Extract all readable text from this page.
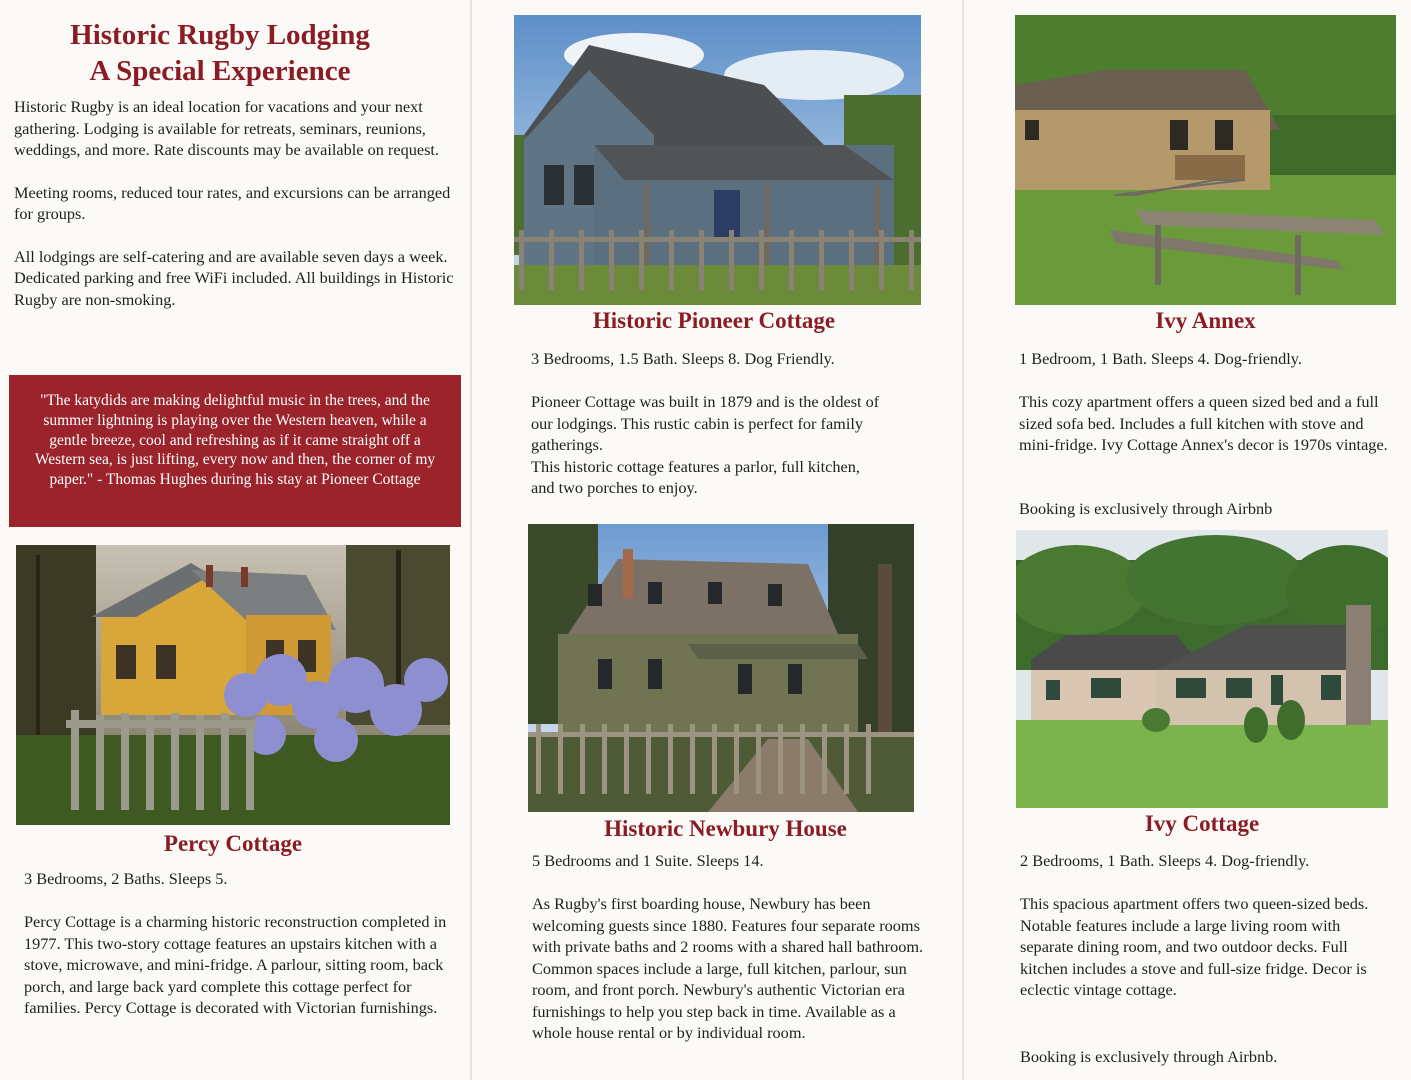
Historic Rugby Lodging
A Special Experience

Historic Rugby is an ideal location for vacations and your next gathering. Lodging is available for retreats, seminars, reunions, weddings, and more. Rate discounts may be available on request.

Meeting rooms, reduced tour rates, and excursions can be arranged for groups.

All lodgings are self-catering and are available seven days a week. Dedicated parking and free WiFi included. All buildings in Historic Rugby are non-smoking.

"The katydids are making delightful music in the trees, and the summer lightning is playing over the Western heaven, while a gentle breeze, cool and refreshing as if it came straight off a Western sea, is just lifting, every now and then, the corner of my paper." - Thomas Hughes during his stay at Pioneer Cottage
Percy Cottage
3 Bedrooms, 2 Baths. Sleeps 5.
Percy Cottage is a charming historic reconstruction completed in 1977. This two-story cottage features an upstairs kitchen with a stove, microwave, and mini-fridge. A parlour, sitting room, back porch, and large back yard complete this cottage perfect for families. Percy Cottage is decorated with Victorian furnishings.
Historic Pioneer Cottage
3 Bedrooms, 1.5 Bath. Sleeps 8. Dog Friendly.

Pioneer Cottage was built in 1879 and is the oldest of our lodgings. This rustic cabin is perfect for family gatherings.

This historic cottage features a parlor, full kitchen, and two porches to enjoy.

Historic Newbury House
5 Bedrooms and 1 Suite. Sleeps 14.
As Rugby's first boarding house, Newbury has been welcoming guests since 1880. Features four separate rooms with private baths and 2 rooms with a shared hall bathroom. Common spaces include a large, full kitchen, parlour, sun room, and front porch. Newbury's authentic Victorian era furnishings to help you step back in time. Available as a whole house rental or by individual room.
Ivy Annex
1 Bedroom, 1 Bath. Sleeps 4. Dog-friendly.
This cozy apartment offers a queen sized bed and a full sized sofa bed. Includes a full kitchen with stove and mini-fridge. Ivy Cottage Annex's decor is 1970s vintage.
Booking is exclusively through Airbnb
Ivy Cottage
2 Bedrooms, 1 Bath. Sleeps 4. Dog-friendly.
This spacious apartment offers two queen-sized beds. Notable features include a large living room with separate dining room, and two outdoor decks. Full kitchen includes a stove and full-size fridge. Decor is eclectic vintage cottage.
Booking is exclusively through Airbnb.
